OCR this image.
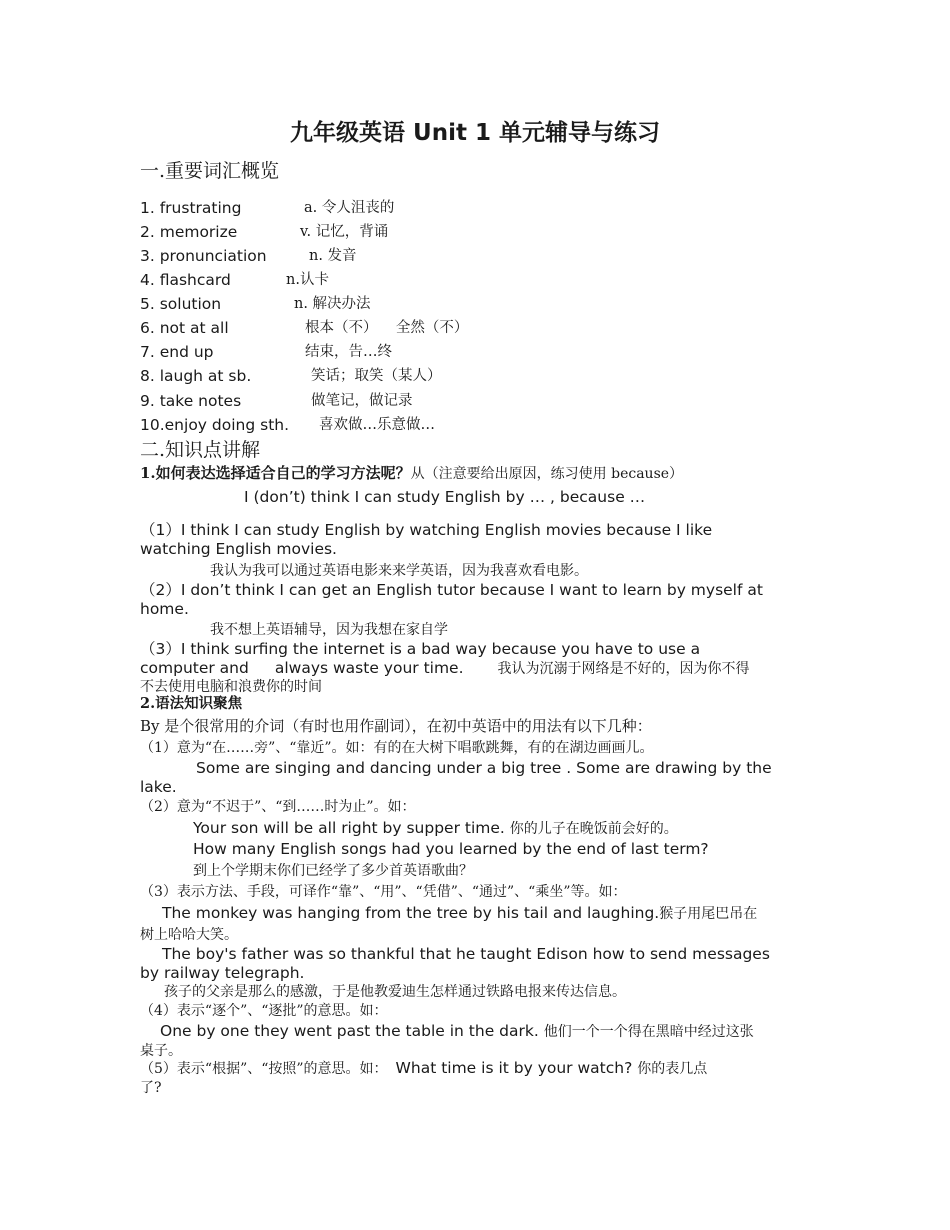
九年级英语 Unit 1 单元辅导与练习
一.重要词汇概览
1. frustrating	a. 令人沮丧的
2. memorize	v. 记忆，背诵
3. pronunciation	n. 发音
4. flashcard	n.认卡
5. solution	n. 解决办法
6. not at all	根本（不）    全然（不）
7. end up	结束，告…终
8. laugh at sb.	笑话；取笑（某人）
9. take notes	做笔记，做记录
10.enjoy doing sth. 喜欢做…乐意做…
二.知识点讲解
1.如何表达选择适合自己的学习方法呢？从（注意要给出原因，练习使用 because）
I (don’t) think I can study English by … , because …
（1）I think I can study English by watching English movies because I like
watching English movies.
我认为我可以通过英语电影来来学英语，因为我喜欢看电影。
（2）I don’t think I can get an English tutor because I want to learn by myself at
home.
我不想上英语辅导，因为我想在家自学
（3）I think surfing the internet is a bad way because you have to use a
computer and always waste your time. 我认为沉溺于网络是不好的，因为你不得
不去使用电脑和浪费你的时间
2.语法知识聚焦
By 是个很常用的介词（有时也用作副词），在初中英语中的用法有以下几种：
（1）意为“在……旁”、“靠近”。如：有的在大树下唱歌跳舞，有的在湖边画画儿。
Some are singing and dancing under a big tree . Some are drawing by the
lake.
（2）意为“不迟于”、“到……时为止”。如：
Your son will be all right by supper time. 你的儿子在晚饭前会好的。
How many English songs had you learned by the end of last term?
到上个学期末你们已经学了多少首英语歌曲？
（3）表示方法、手段，可译作“靠”、“用”、“凭借”、“通过”、“乘坐”等。如：
The monkey was hanging from the tree by his tail and laughing.猴子用尾巴吊在
树上哈哈大笑。
The boy's father was so thankful that he taught Edison how to send messages
by railway telegraph.
孩子的父亲是那么的感激，于是他教爱迪生怎样通过铁路电报来传达信息。
（4）表示“逐个”、“逐批”的意思。如：
One by one they went past the table in the dark. 他们一个一个得在黑暗中经过这张
桌子。
（5）表示“根据”、“按照”的意思。如： What time is it by your watch? 你的表几点
了?
